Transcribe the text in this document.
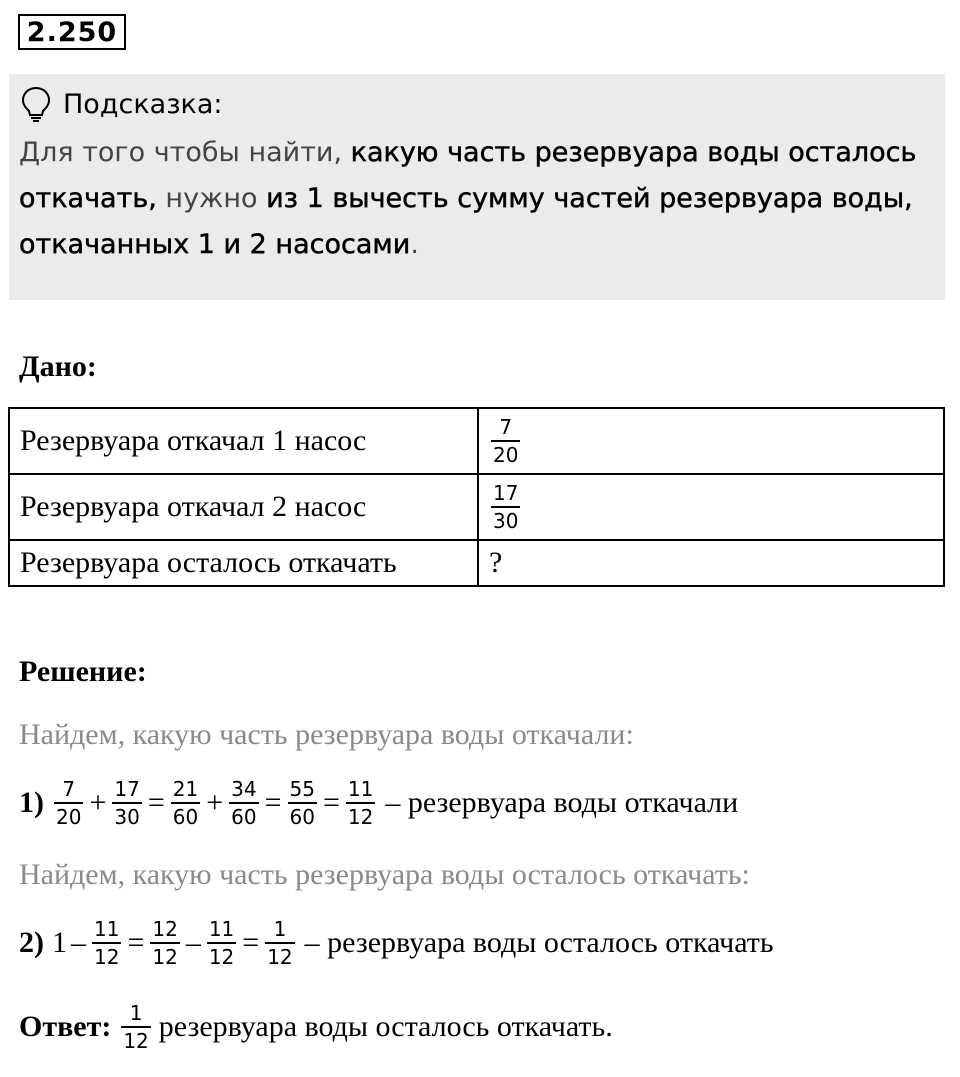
2.250
Подсказка:
Для того чтобы найти, какую часть резервуара воды осталось откачать, нужно из 1 вычесть сумму частей резервуара воды, откачанных 1 и 2 насосами.
Дано:
Резервуара откачал 1 насос	$\frac{7}{20}$

Резервуара откачал 2 насос	$\frac{17}{30}$

Резервуара осталось откачать	?
Решение:
Найдем, какую часть резервуара воды откачали:
$1) \frac{7}{20} + \frac{17}{30} = \frac{21}{60} + \frac{34}{60} = \frac{55}{60} = \frac{11}{12}$ – резервуара воды откачали
Найдем, какую часть резервуара воды осталось откачать:
2) $1 - \frac{11}{12} = \frac{12}{12} - \frac{11}{12} = \frac{1}{12}$ – резервуара воды осталось откачать
Ответ: $\frac{1}{12}$ резервуара воды осталось откачать.
